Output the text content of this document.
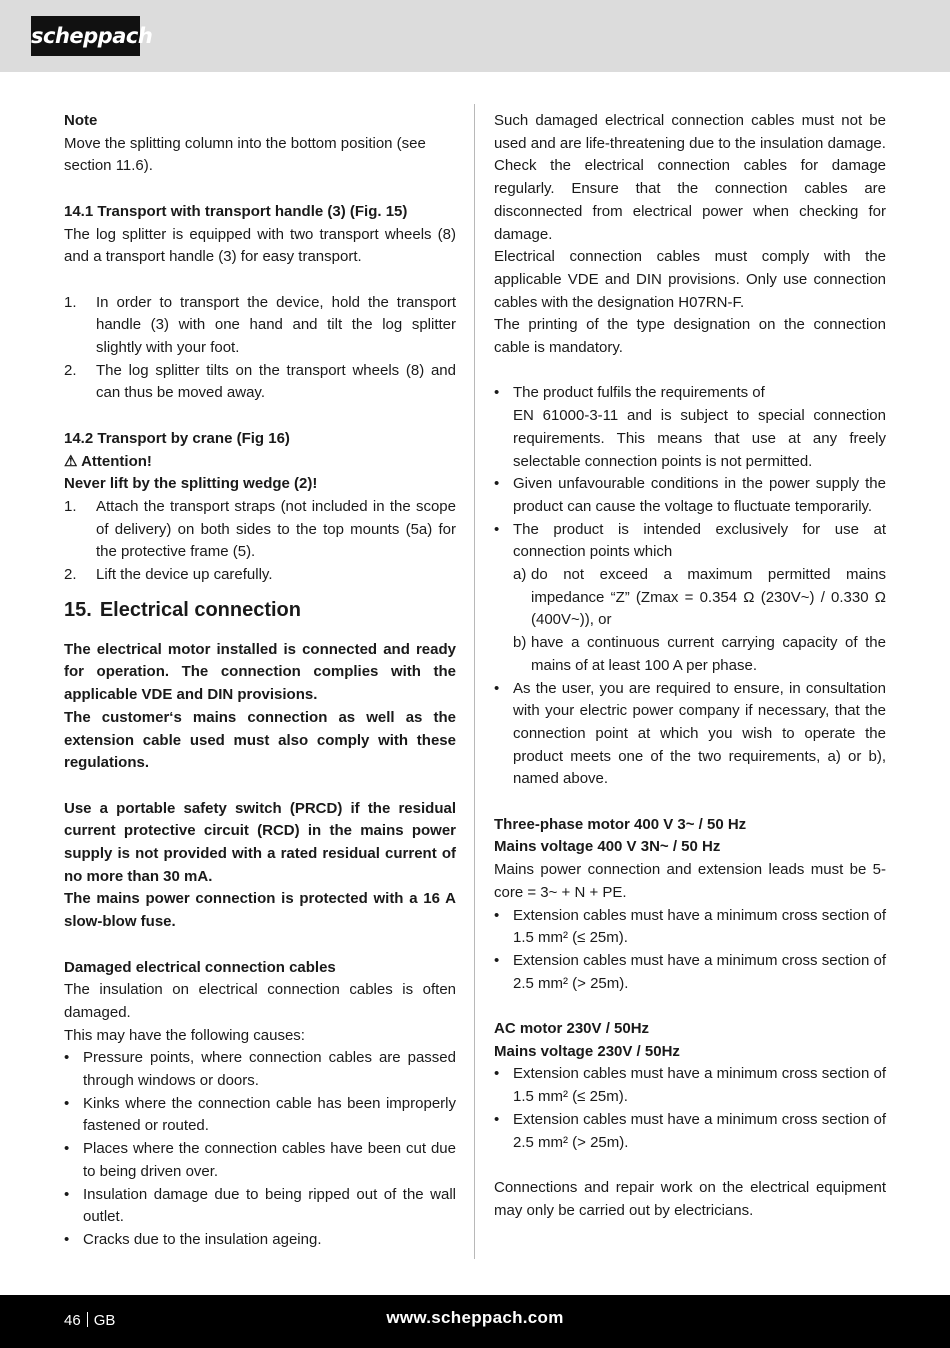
scheppach

Note

Move the splitting column into the bottom position (see section 11.6).

14.1 Transport with transport handle (3) (Fig. 15)

The log splitter is equipped with two transport wheels (8) and a transport handle (3) for easy transport.

1.	In order to transport the device, hold the transport handle (3) with one hand and tilt the log splitter slightly with your foot.
2.	The log splitter tilts on the transport wheels (8) and can thus be moved away.

14.2 Transport by crane (Fig 16)

⚠ Attention!

Never lift by the splitting wedge (2)!

1.	Attach the transport straps (not included in the scope of delivery) on both sides to the top mounts (5a) for the protective frame (5).
2.	Lift the device up carefully.
15. Electrical connection

The electrical motor installed is connected and ready for operation. The connection complies with the applicable VDE and DIN provisions.

The customer‘s mains connection as well as the extension cable used must also comply with these regulations.

Use a portable safety switch (PRCD) if the residual current protective circuit (RCD) in the mains power supply is not provided with a rated residual current of no more than 30 mA.

The mains power connection is protected with a 16 A slow-blow fuse.

Damaged electrical connection cables

The insulation on electrical connection cables is often damaged.

This may have the following causes:

• Pressure points, where connection cables are passed through windows or doors.
• Kinks where the connection cable has been improperly fastened or routed.
• Places where the connection cables have been cut due to being driven over.
• Insulation damage due to being ripped out of the wall outlet.
• Cracks due to the insulation ageing.

Such damaged electrical connection cables must not be used and are life-threatening due to the insulation damage.

Check the electrical connection cables for damage regularly. Ensure that the connection cables are disconnected from electrical power when checking for damage.

Electrical connection cables must comply with the applicable VDE and DIN provisions. Only use connection cables with the designation H07RN-F.

The printing of the type designation on the connection cable is mandatory.

• The product fulfils the requirements of
EN 61000-3-11 and is subject to special connection requirements. This means that use at any freely selectable connection points is not permitted.
• Given unfavourable conditions in the power supply the product can cause the voltage to fluctuate temporarily.
• The product is intended exclusively for use at connection points which
a) do not exceed a maximum permitted mains impedance “Z” (Zmax = 0.354 Ω (230V~) / 0.330 Ω (400V~)), or
b) have a continuous current carrying capacity of the mains of at least 100 A per phase.
• As the user, you are required to ensure, in consultation with your electric power company if necessary, that the connection point at which you wish to operate the product meets one of the two requirements, a) or b), named above.

Three-phase motor 400 V 3~ / 50 Hz

Mains voltage 400 V 3N~ / 50 Hz

Mains power connection and extension leads must be 5-core = 3~ + N + PE.

• Extension cables must have a minimum cross section of 1.5 mm² (≤ 25m).
• Extension cables must have a minimum cross section of 2.5 mm² (> 25m).

AC motor 230V / 50Hz

Mains voltage 230V / 50Hz

• Extension cables must have a minimum cross section of 1.5 mm² (≤ 25m).
• Extension cables must have a minimum cross section of 2.5 mm² (> 25m).

Connections and repair work on the electrical equipment may only be carried out by electricians.

46 GB	www.scheppach.com
